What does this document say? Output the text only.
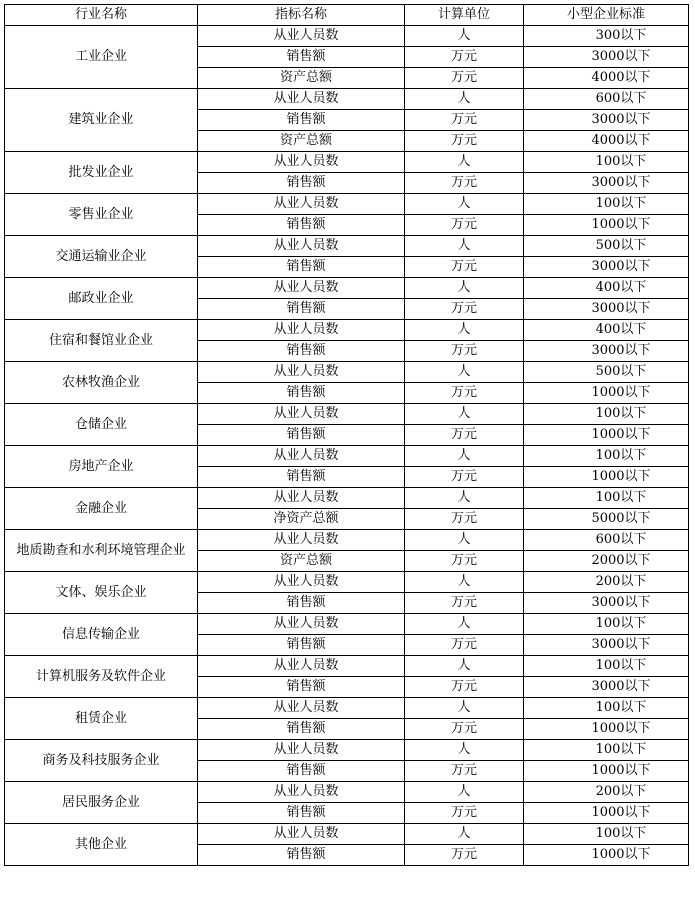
行业名称	指标名称	计算单位	小型企业标准
工业企业	从业人员数	人	300以下
	销售额	万元	3000以下
	资产总额	万元	4000以下
建筑业企业	从业人员数	人	600以下
	销售额	万元	3000以下
	资产总额	万元	4000以下
批发业企业	从业人员数	人	100以下
	销售额	万元	3000以下
零售业企业	从业人员数	人	100以下
	销售额	万元	1000以下
交通运输业企业	从业人员数	人	500以下
	销售额	万元	3000以下
邮政业企业	从业人员数	人	400以下
	销售额	万元	3000以下
住宿和餐馆业企业	从业人员数	人	400以下
	销售额	万元	3000以下
农林牧渔企业	从业人员数	人	500以下
	销售额	万元	1000以下
仓储企业	从业人员数	人	100以下
	销售额	万元	1000以下
房地产企业	从业人员数	人	100以下
	销售额	万元	1000以下
金融企业	从业人员数	人	100以下
	净资产总额	万元	5000以下
地质勘查和水利环境管理企业	从业人员数	人	600以下
	资产总额	万元	2000以下
文体、娱乐企业	从业人员数	人	200以下
	销售额	万元	3000以下
信息传输企业	从业人员数	人	100以下
	销售额	万元	3000以下
计算机服务及软件企业	从业人员数	人	100以下
	销售额	万元	3000以下
租赁企业	从业人员数	人	100以下
	销售额	万元	1000以下
商务及科技服务企业	从业人员数	人	100以下
	销售额	万元	1000以下
居民服务企业	从业人员数	人	200以下
	销售额	万元	1000以下
其他企业	从业人员数	人	100以下
	销售额	万元	1000以下
